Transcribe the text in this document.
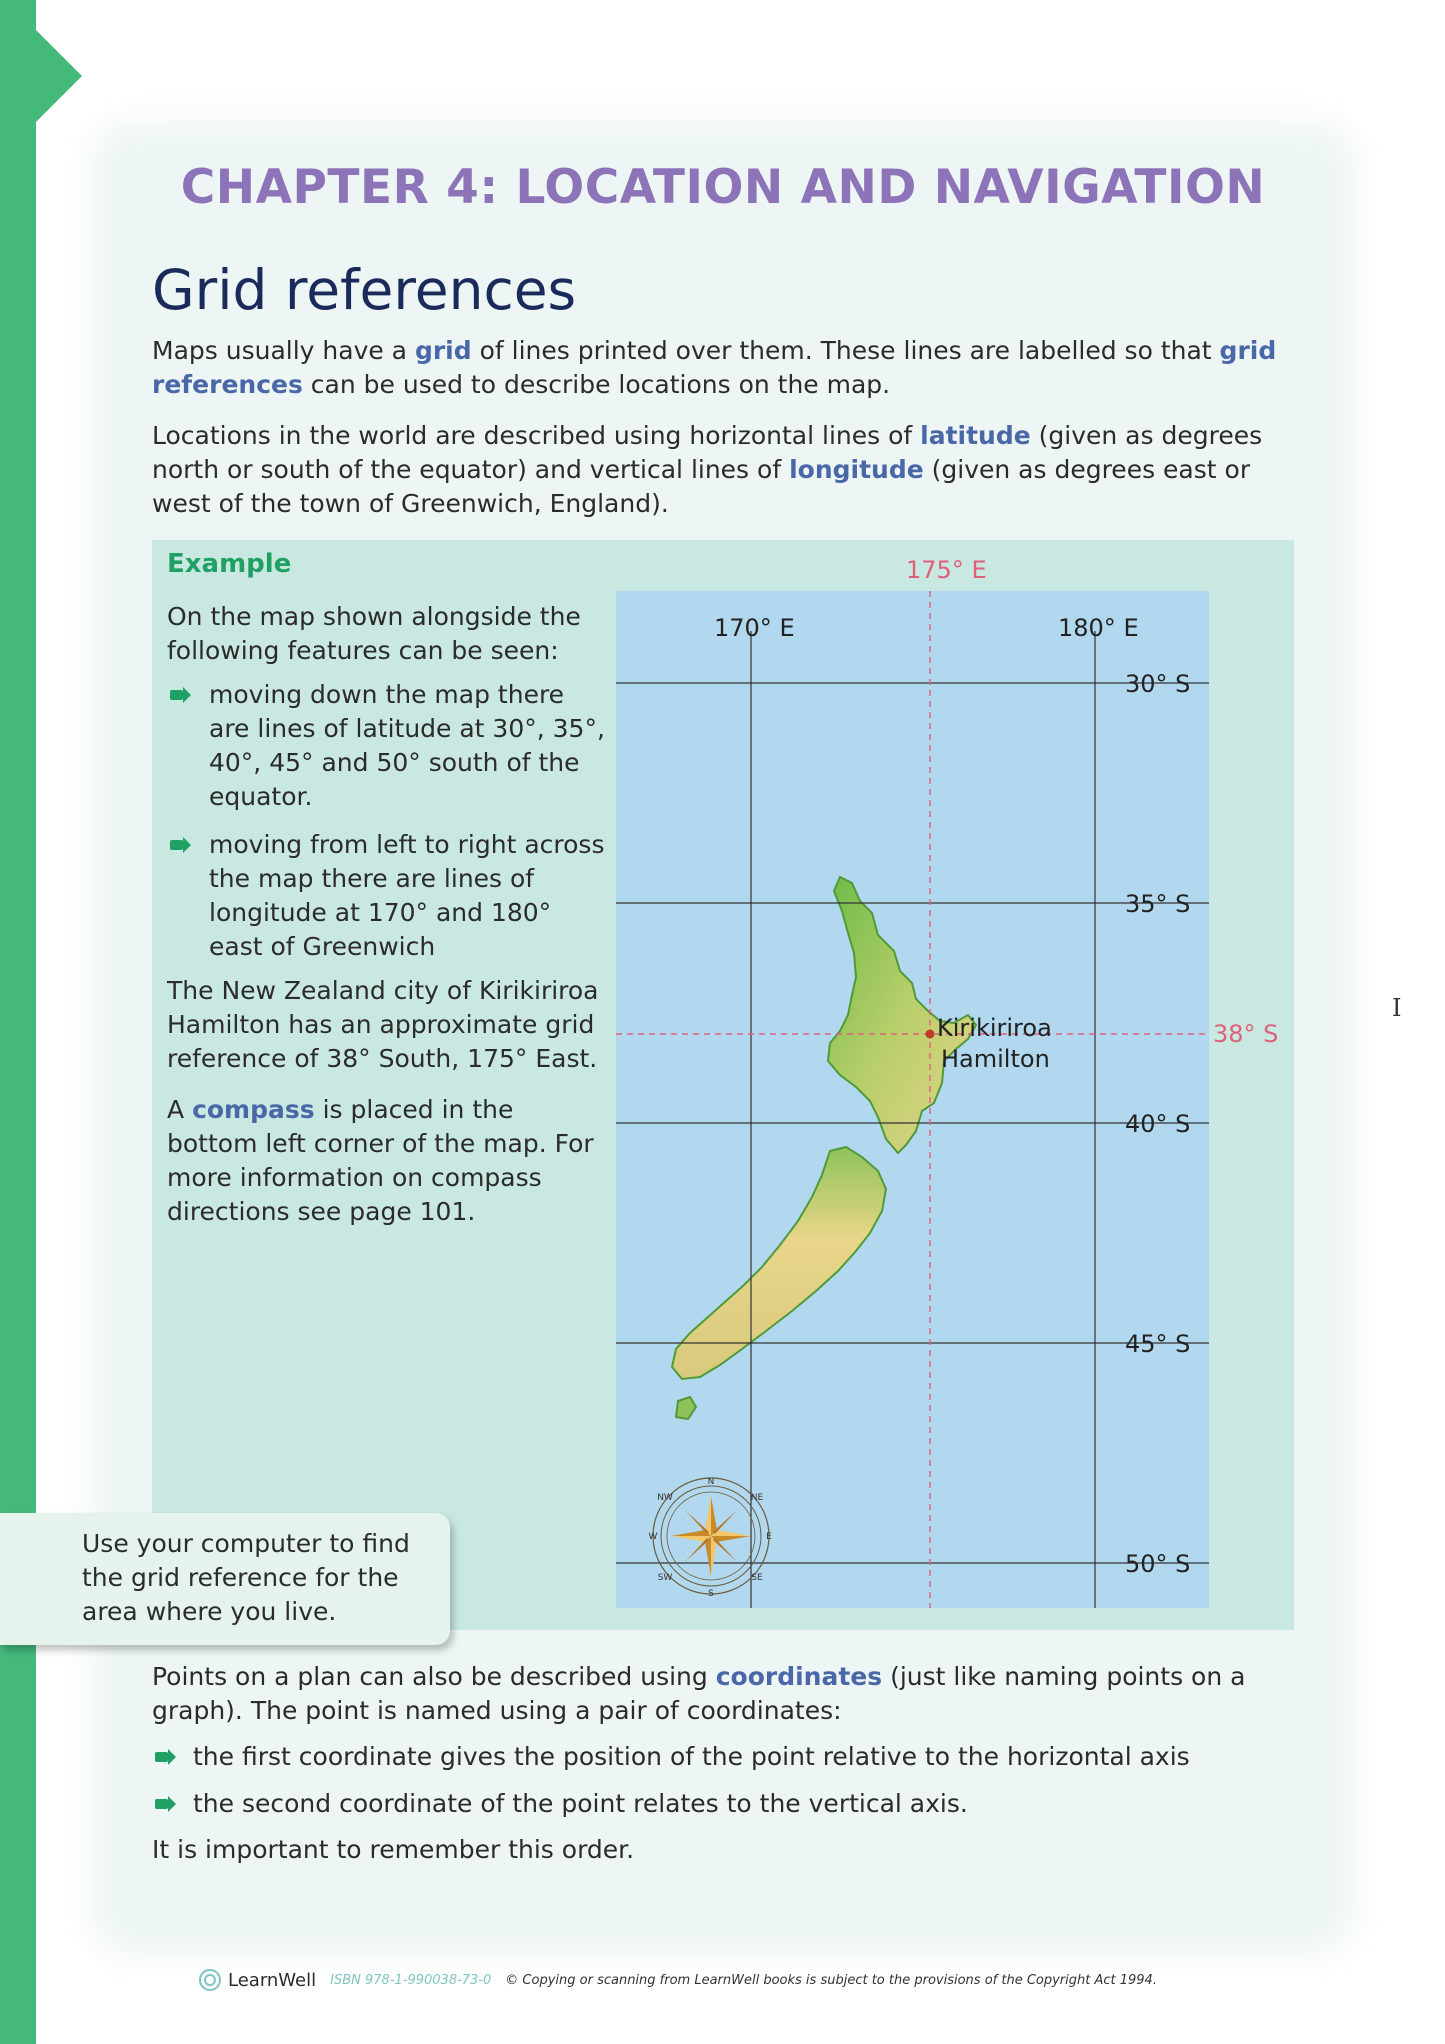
CHAPTER 4: LOCATION AND NAVIGATION
Grid references

Maps usually have a grid of lines printed over them. These lines are labelled so that grid references can be used to describe locations on the map.

Locations in the world are described using horizontal lines of latitude (given as degrees north or south of the equator) and vertical lines of longitude (given as degrees east or west of the town of Greenwich, England).

Example

On the map shown alongside the following features can be seen:

moving down the map there are lines of latitude at 30°, 35°, 40°, 45° and 50° south of the equator.
moving from left to right across the map there are lines of longitude at 170° and 180° east of Greenwich

The New Zealand city of Kirikiriroa Hamilton has an approximate grid reference of 38° South, 175° East.

A compass is placed in the bottom left corner of the map. For more information on compass directions see page 101.

N
NE
E
SE
S
SW
W
NW
170° E	180° E
175° E
30° S
35° S
40° S
45° S
50° S
38° S
Kirikiriroa
Hamilton

Use your computer to find the grid reference for the area where you live.

Points on a plan can also be described using coordinates (just like naming points on a graph). The point is named using a pair of coordinates:

the first coordinate gives the position of the point relative to the horizontal axis
the second coordinate of the point relates to the vertical axis.

It is important to remember this order.

I
LearnWell ISBN 978-1-990038-73-0 © Copying or scanning from LearnWell books is subject to the provisions of the Copyright Act 1994.
